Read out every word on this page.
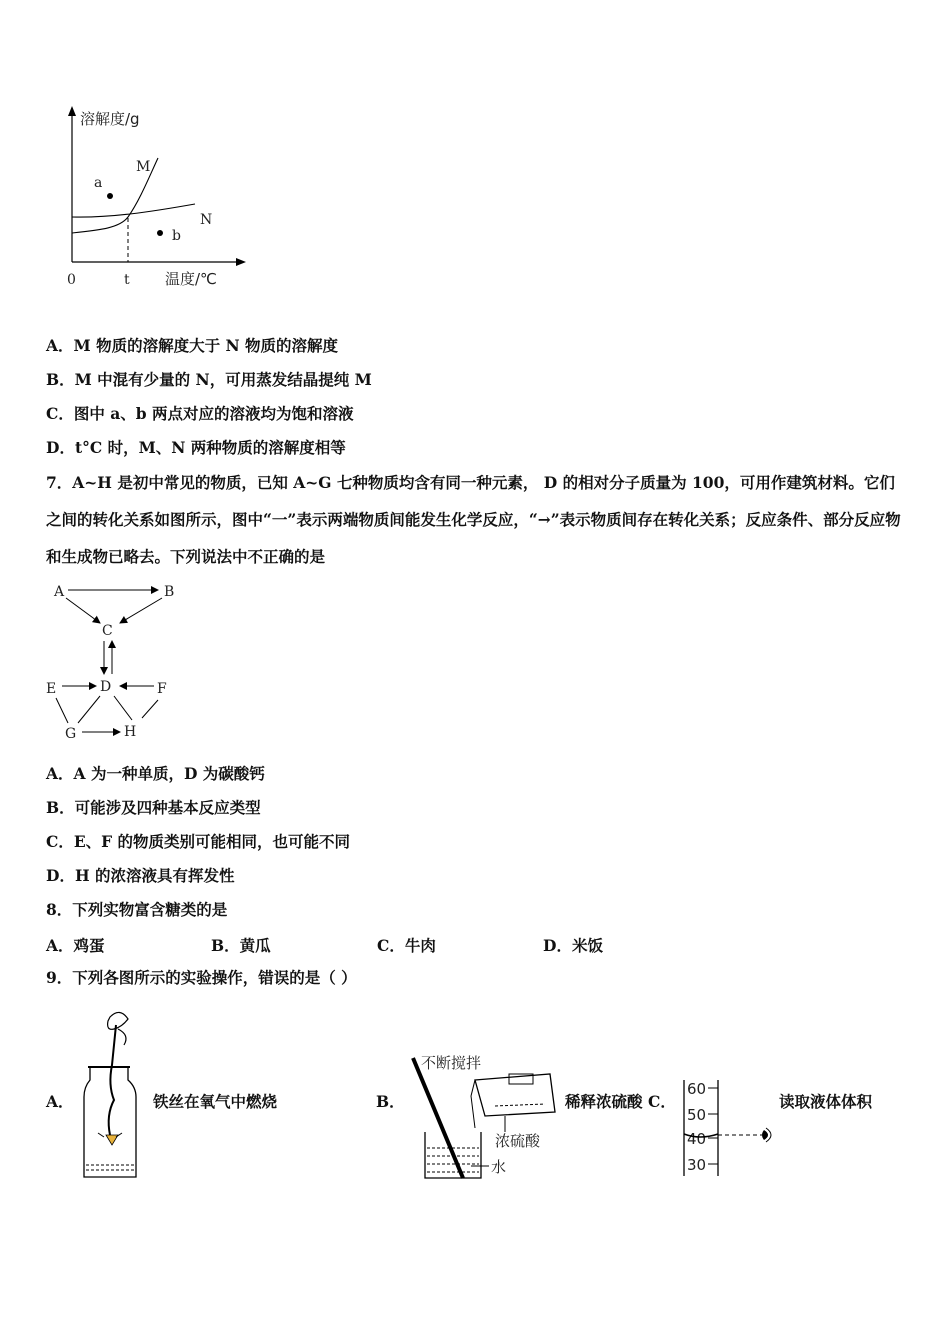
溶解度/g
温度/℃
0	t
M
N
a
b
A．M 物质的溶解度大于 N 物质的溶解度
B．M 中混有少量的 N，可用蒸发结晶提纯 M
C．图中 a、b 两点对应的溶液均为饱和溶液
D．t°C 时，M、N 两种物质的溶解度相等
7．A~H 是初中常见的物质，已知 A~G 七种物质均含有同一种元素， D 的相对分子质量为 100，可用作建筑材料。它们之间的转化关系如图所示，图中“一”表示两端物质间能发生化学反应，“→”表示物质间存在转化关系；反应条件、部分反应物和生成物已略去。下列说法中不正确的是
A	B
C
D
E	F
G	H
A．A 为一种单质，D 为碳酸钙
B．可能涉及四种基本反应类型
C．E、F 的物质类别可能相同，也可能不同
D．H 的浓溶液具有挥发性
8．下列实物富含糖类的是
A．鸡蛋	B．黄瓜	C．牛肉	D．米饭
9．下列各图所示的实验操作，错误的是（ ）
A．	铁丝在氧气中燃烧	B．
不断搅拌
浓硫酸
水
稀释浓硫酸 C．
60
50
40
30
读取液体体积
